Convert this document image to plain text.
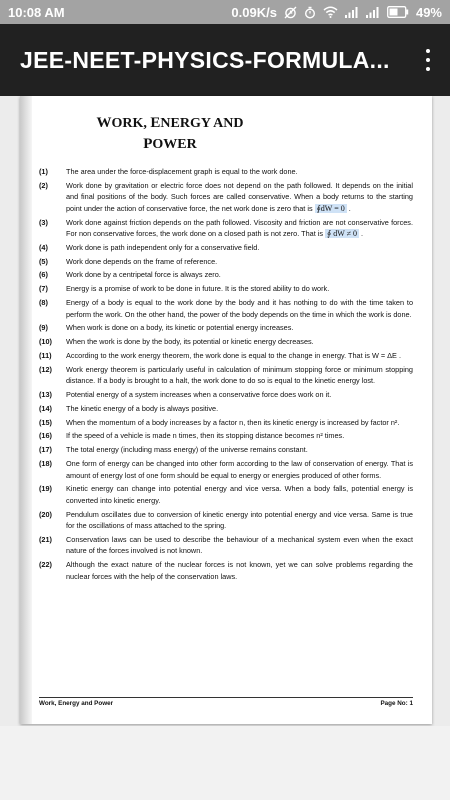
10:08 AM	0.09K/s	49%
JEE-NEET-PHYSICS-FORMULA...
WORK, ENERGY AND
POWER
(1)	The area under the force-displacement graph is equal to the work done.
(2)	Work done by gravitation or electric force does not depend on the path followed. It depends on the initial and final positions of the body. Such forces are called conservative. When a body returns to the starting point under the action of conservative force, the net work done is zero that is ∮dW = 0 .
(3)	Work done against friction depends on the path followed. Viscosity and friction are not conservative forces. For non conservative forces, the work done on a closed path is not zero. That is ∮ dW ≠ 0 .
(4)	Work done is path independent only for a conservative field.
(5)	Work done depends on the frame of reference.
(6)	Work done by a centripetal force is always zero.
(7)	Energy is a promise of work to be done in future. It is the stored ability to do work.
(8)	Energy of a body is equal to the work done by the body and it has nothing to do with the time taken to perform the work. On the other hand, the power of the body depends on the time in which the work is done.
(9)	When work is done on a body, its kinetic or potential energy increases.
(10)	When the work is done by the body, its potential or kinetic energy decreases.
(11)	According to the work energy theorem, the work done is equal to the change in energy. That is W = ΔE .
(12)	Work energy theorem is particularly useful in calculation of minimum stopping force or minimum stopping distance. If a body is brought to a halt, the work done to do so is equal to the kinetic energy lost.
(13)	Potential energy of a system increases when a conservative force does work on it.
(14)	The kinetic energy of a body is always positive.
(15)	When the momentum of a body increases by a factor n, then its kinetic energy is increased by factor n².
(16)	If the speed of a vehicle is made n times, then its stopping distance becomes n² times.
(17)	The total energy (including mass energy) of the universe remains constant.
(18)	One form of energy can be changed into other form according to the law of conservation of energy. That is amount of energy lost of one form should be equal to energy or energies produced of other forms.
(19)	Kinetic energy can change into potential energy and vice versa. When a body falls, potential energy is converted into kinetic energy.
(20)	Pendulum oscillates due to conversion of kinetic energy into potential energy and vice versa. Same is true for the oscillations of mass attached to the spring.
(21)	Conservation laws can be used to describe the behaviour of a mechanical system even when the exact nature of the forces involved is not known.
(22)	Although the exact nature of the nuclear forces is not known, yet we can solve problems regarding the nuclear forces with the help of the conservation laws.
Work, Energy and Power	Page No: 1
